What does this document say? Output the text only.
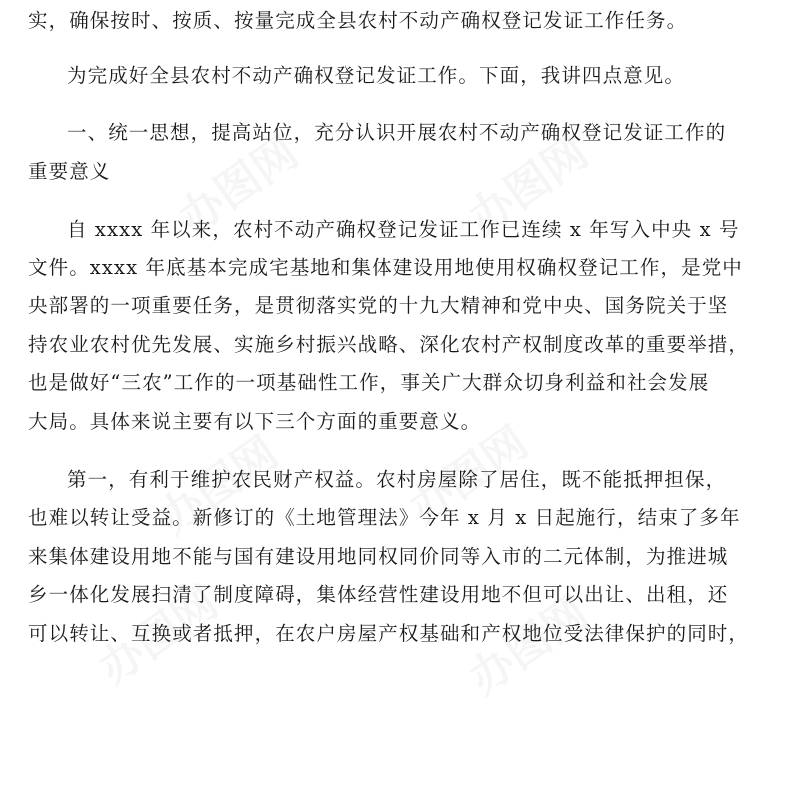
办图网	办图网
办图网	办图网
办图网	办图网
实，确保按时、按质、按量完成全县农村不动产确权登记发证工作任务。
为完成好全县农村不动产确权登记发证工作。下面，我讲四点意见。
一、统一思想，提高站位，充分认识开展农村不动产确权登记发证工作的
重要意义
自 xxxx 年以来，农村不动产确权登记发证工作已连续 x 年写入中央 x 号
文件。xxxx 年底基本完成宅基地和集体建设用地使用权确权登记工作，是党中
央部署的一项重要任务，是贯彻落实党的十九大精神和党中央、国务院关于坚
持农业农村优先发展、实施乡村振兴战略、深化农村产权制度改革的重要举措，
也是做好“三农”工作的一项基础性工作，事关广大群众切身利益和社会发展
大局。具体来说主要有以下三个方面的重要意义。
第一，有利于维护农民财产权益。农村房屋除了居住，既不能抵押担保，
也难以转让受益。新修订的《土地管理法》今年 x 月 x 日起施行，结束了多年
来集体建设用地不能与国有建设用地同权同价同等入市的二元体制，为推进城
乡一体化发展扫清了制度障碍，集体经营性建设用地不但可以出让、出租，还
可以转让、互换或者抵押，在农户房屋产权基础和产权地位受法律保护的同时，
